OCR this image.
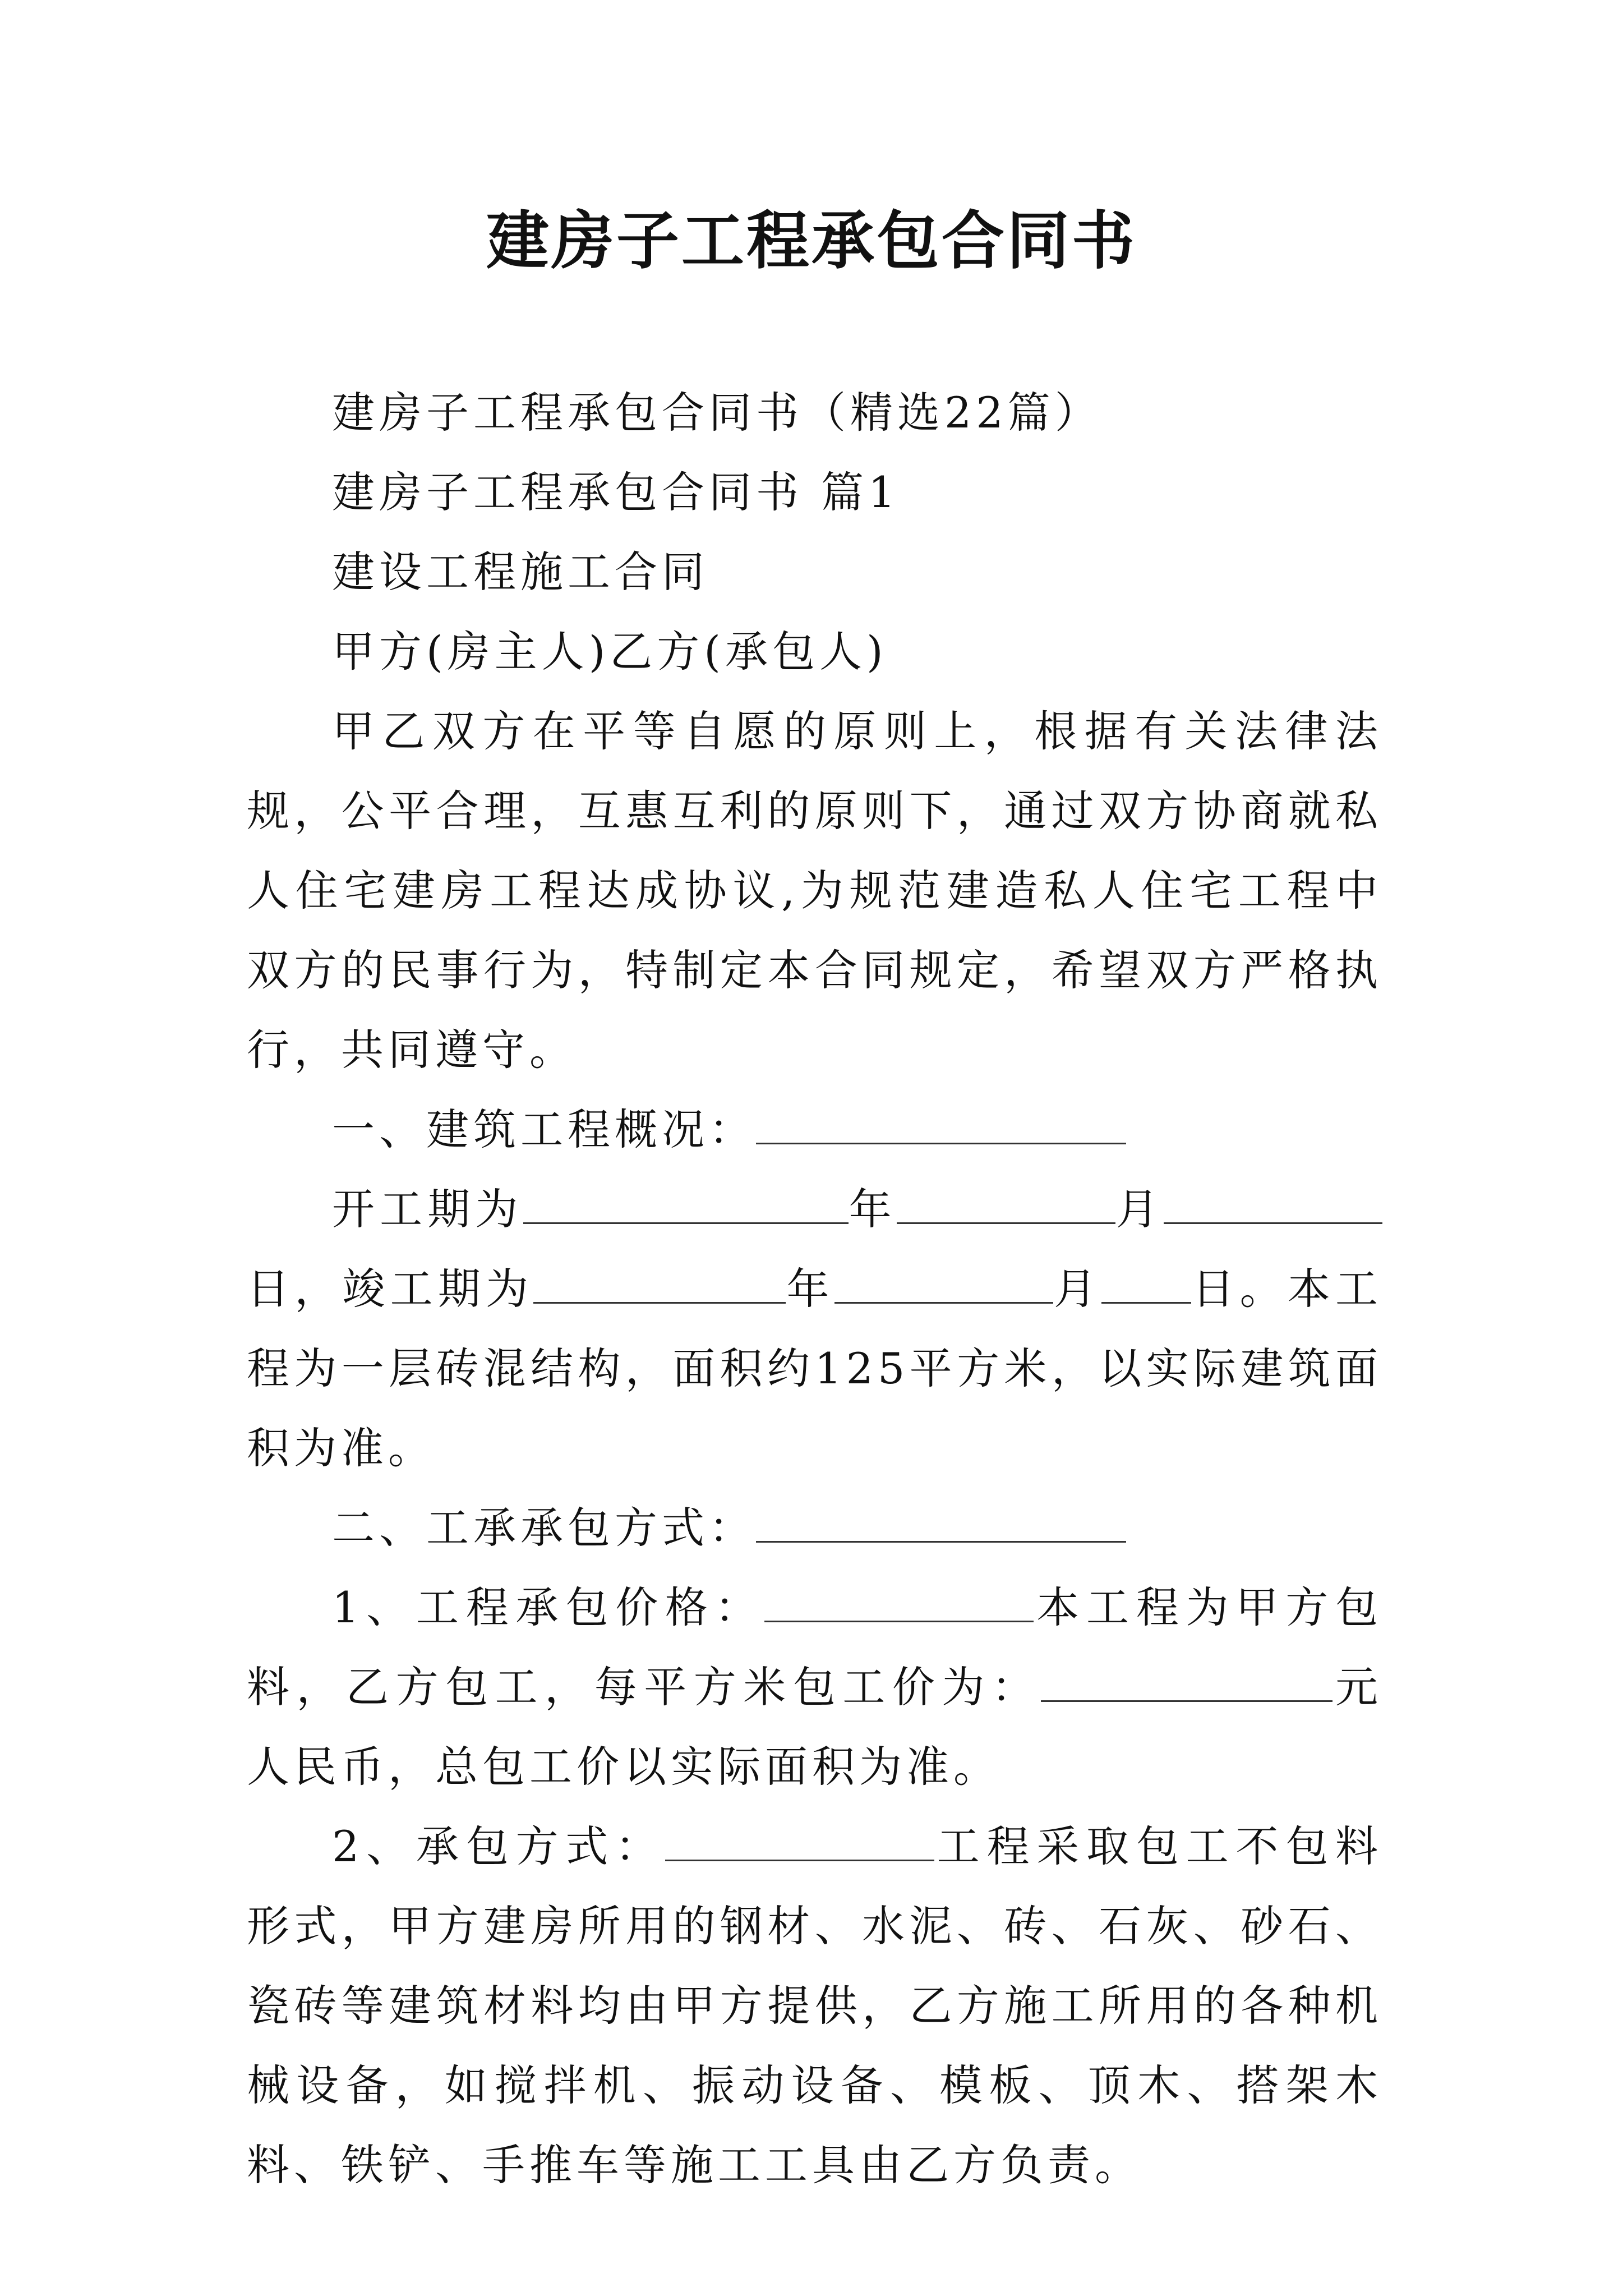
建房子工程承包合同书

建房子工程承包合同书（精选22篇）

建房子工程承包合同书 篇1

建设工程施工合同

甲方(房主人)乙方(承包人)

甲乙双方在平等自愿的原则上，根据有关法律法规，公平合理，互惠互利的原则下，通过双方协商就私人住宅建房工程达成协议,为规范建造私人住宅工程中双方的民事行为，特制定本合同规定，希望双方严格执行，共同遵守。

一、建筑工程概况：

开工期为	年	月日，竣工期为	年	月 日。本工程为一层砖混结构，面积约125平方米，以实际建筑面积为准。

二、工承承包方式：

1、工程承包价格：	本工程为甲方包料，乙方包工，每平方米包工价为：	元人民币，总包工价以实际面积为准。

2、承包方式：	工程采取包工不包料形式，甲方建房所用的钢材、水泥、砖、石灰、砂石、瓷砖等建筑材料均由甲方提供，乙方施工所用的各种机械设备，如搅拌机、振动设备、模板、顶木、搭架木料、铁铲、手推车等施工工具由乙方负责。
